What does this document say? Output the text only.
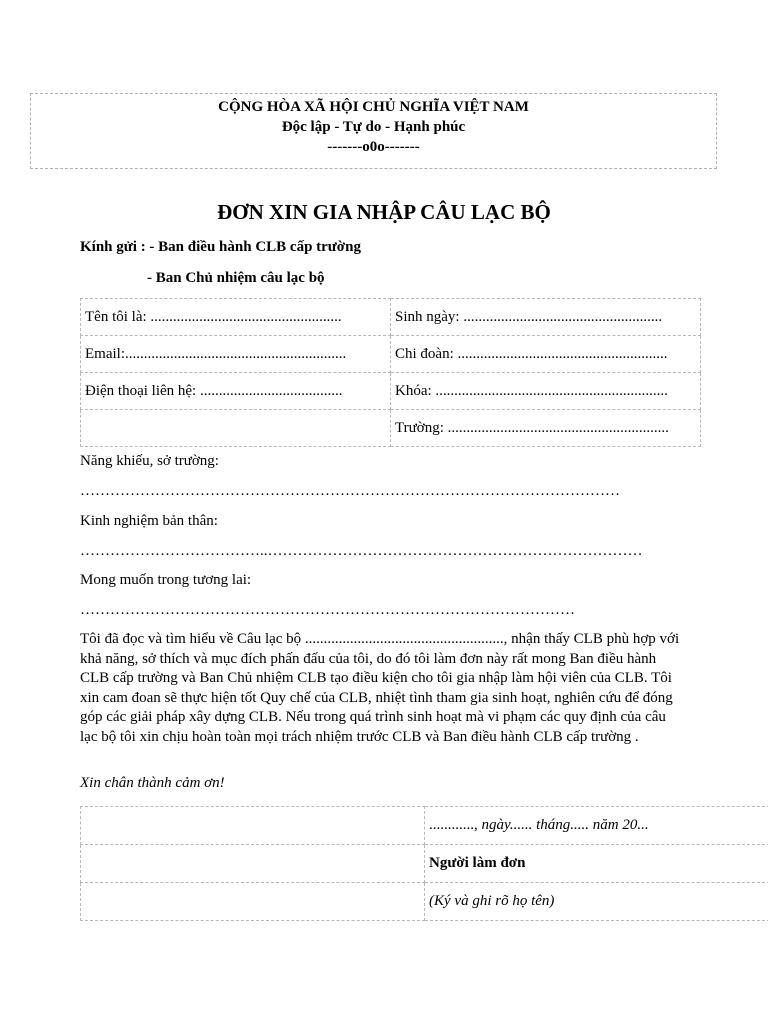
CỘNG HÒA XÃ HỘI CHỦ NGHĨA VIỆT NAM
Độc lập - Tự do - Hạnh phúc
-------o0o-------
ĐƠN XIN GIA NHẬP CÂU LẠC BỘ
Kính gửi : - Ban điều hành CLB cấp trường
- Ban Chủ nhiệm câu lạc bộ
Tên tôi là: ...................................................	Sinh ngày: .....................................................
Email:...........................................................	Chi đoàn: ........................................................
Điện thoại liên hệ: ......................................	Khóa: ..............................................................
	Trường: ...........................................................
Năng khiếu, sở trường:
………………………………………………………………………………………………
Kinh nghiệm bản thân:
………………………………..…………………………………………………………………
Mong muốn trong tương lai:
………………………………………………………………………………………
Tôi đã đọc và tìm hiểu về Câu lạc bộ ....................................................., nhận thấy CLB phù hợp với khả năng, sở thích và mục đích phấn đấu của tôi, do đó tôi làm đơn này rất mong Ban điều hành CLB cấp trường và Ban Chủ nhiệm CLB tạo điều kiện cho tôi gia nhập làm hội viên của CLB. Tôi xin cam đoan sẽ thực hiện tốt Quy chế của CLB, nhiệt tình tham gia sinh hoạt, nghiên cứu để đóng góp các giải pháp xây dựng CLB. Nếu trong quá trình sinh hoạt mà vi phạm các quy định của câu lạc bộ tôi xin chịu hoàn toàn mọi trách nhiệm trước CLB và Ban điều hành CLB cấp trường .
Xin chân thành cảm ơn!
	............, ngày...... tháng..... năm 20...
	Người làm đơn
	(Ký và ghi rõ họ tên)
